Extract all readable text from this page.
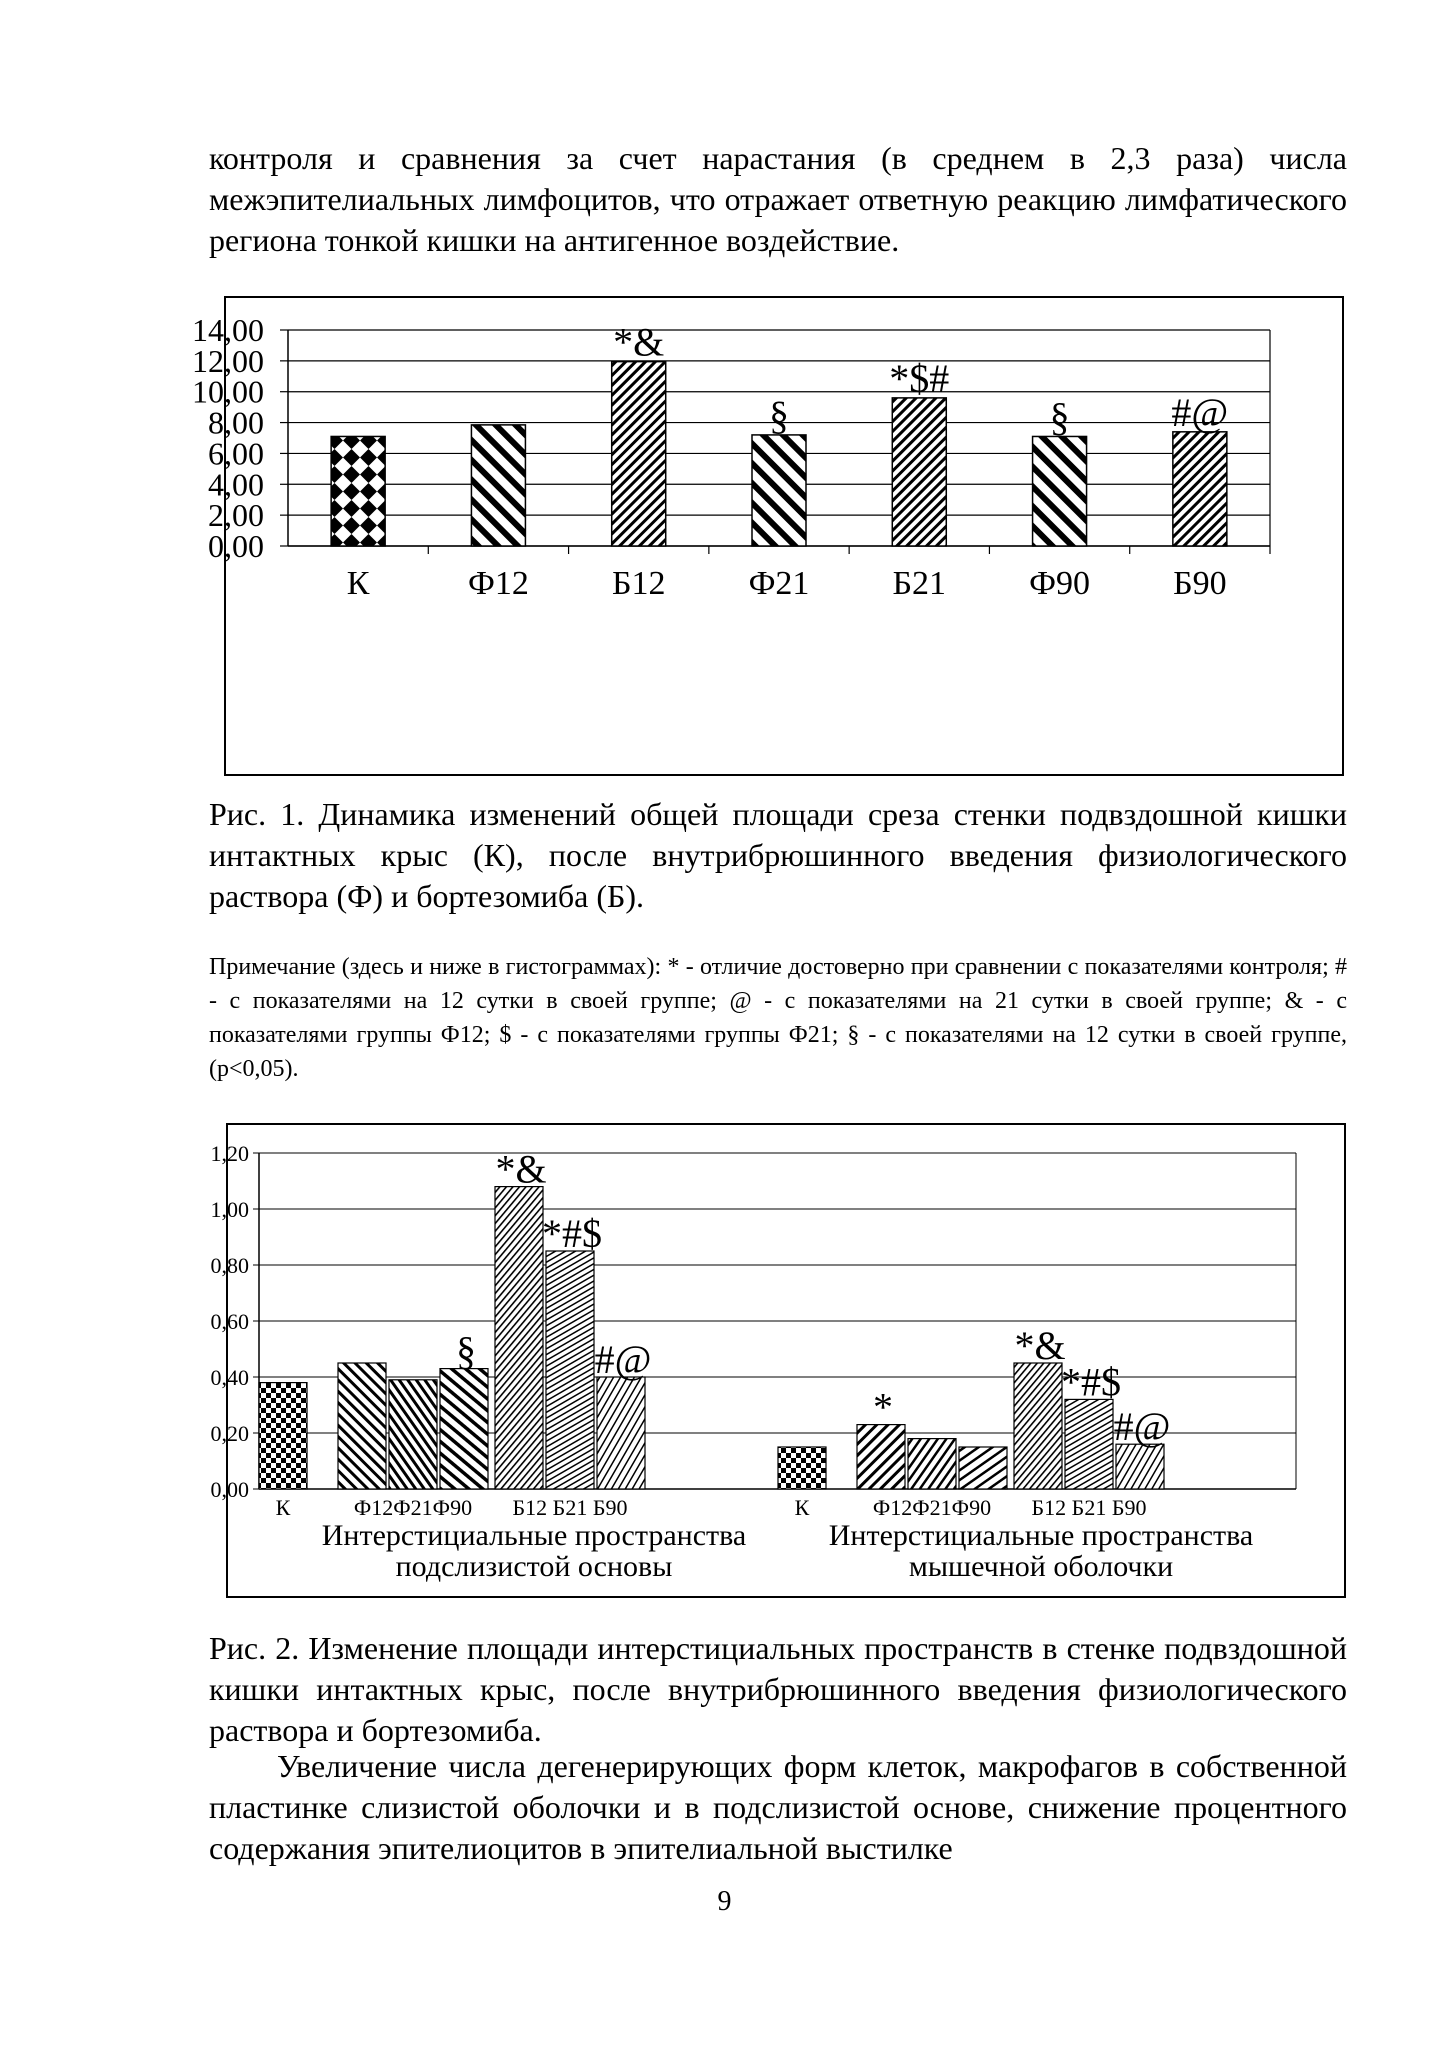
контроля и сравнения за счет нарастания (в среднем в 2,3 раза) числа межэпителиальных лимфоцитов, что отражает ответную реакцию лимфатического региона тонкой кишки на антигенное воздействие.

0,00
2,00
4,00
6,00
8,00
10,00
12,00
14,00
К	Ф12 Б12 Ф21 Б21 Ф90 Б90
*&
§
*$#
§	#@

Рис. 1. Динамика изменений общей площади среза стенки подвздошной кишки интактных крыс (К), после внутрибрюшинного введения физиологического раствора (Ф) и бортезомиба (Б).

Примечание (здесь и ниже в гистограммах): * - отличие достоверно при сравнении с показателями контроля; # - с показателями на 12 сутки в своей группе; @ - с показателями на 21 сутки в своей группе; & - с показателями группы Ф12; $ - с показателями группы Ф21; § - с показателями на 12 сутки в своей группе, (p<0,05).

0,00
0,20
0,40
0,60
0,80
1,00
1,20
К	Ф12Ф21Ф90 Б12 Б21 Б90	К	Ф12Ф21Ф90 Б12 Б21 Б90
§
*&
*#$
#@
*
*&
*#$
#@
Интерстициальные пространства
подслизистой основы
Интерстициальные пространства
мышечной оболочки

Рис. 2. Изменение площади интерстициальных пространств в стенке подвздошной кишки интактных крыс, после внутрибрюшинного введения физиологического раствора и бортезомиба.

Увеличение числа дегенерирующих форм клеток, макрофагов в собственной пластинке слизистой оболочки и в подслизистой основе, снижение процентного содержания эпителиоцитов в эпителиальной выстилке

9
